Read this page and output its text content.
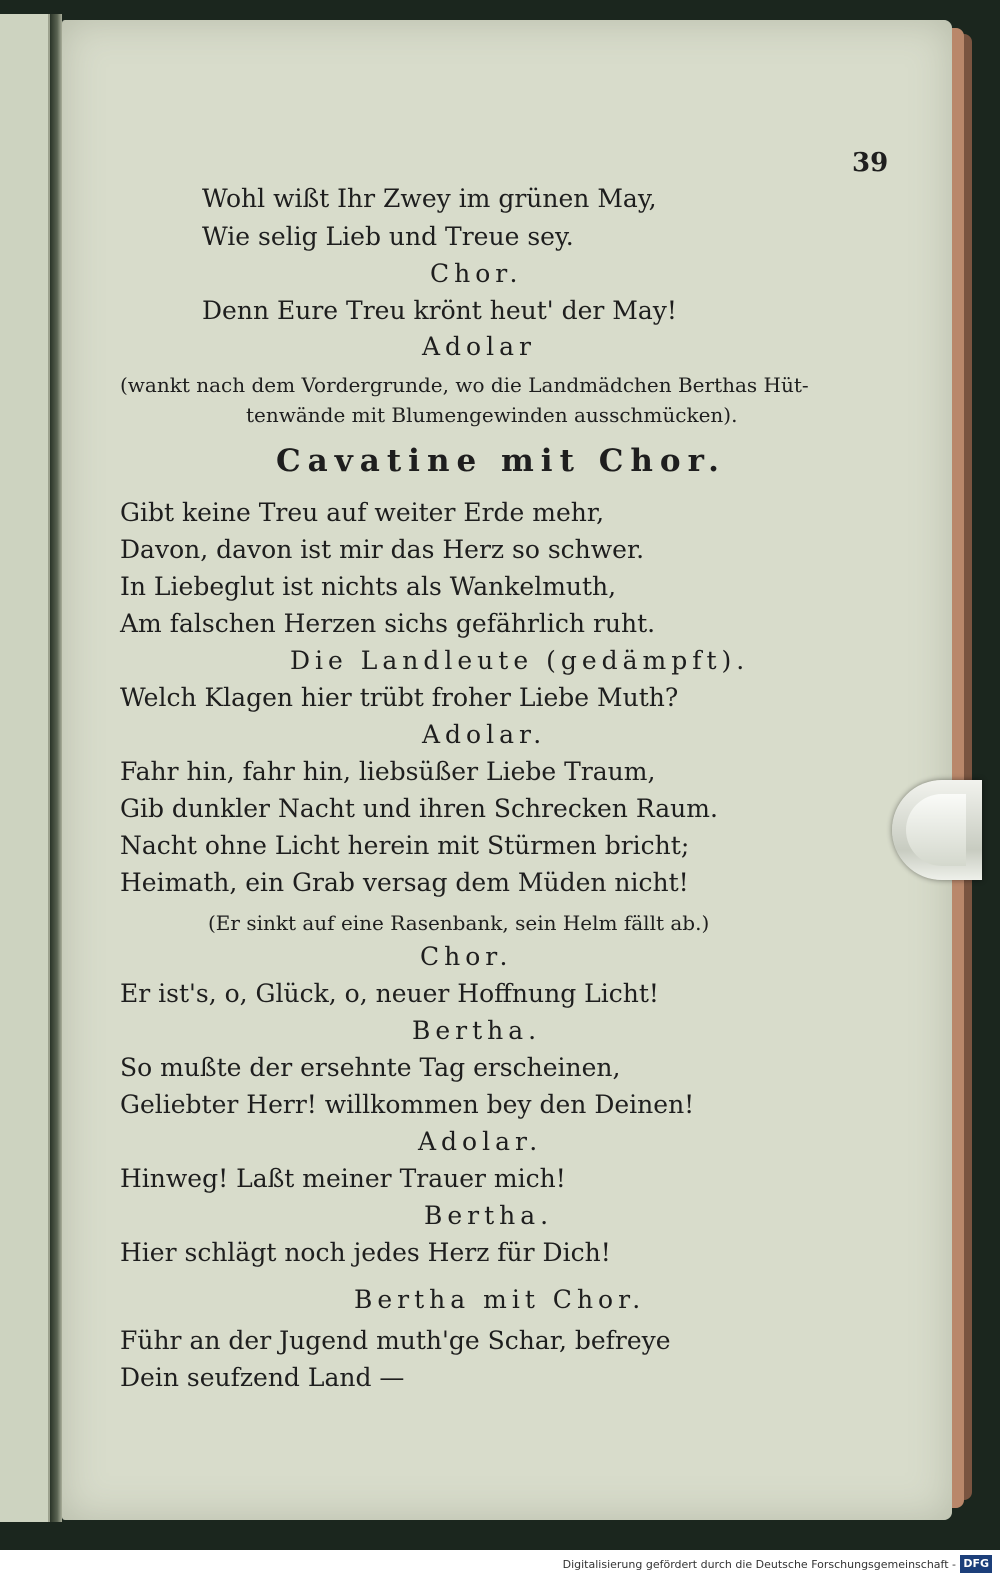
39
Wohl wißt Ihr Zwey im grünen May,
Wie selig Lieb und Treue sey.
Chor.
Denn Eure Treu krönt heut' der May!
Adolar
(wankt nach dem Vordergrunde, wo die Landmädchen Berthas Hüt-
tenwände mit Blumengewinden ausschmücken).
Cavatine mit Chor.
Gibt keine Treu auf weiter Erde mehr,
Davon, davon ist mir das Herz so schwer.
In Liebeglut ist nichts als Wankelmuth,
Am falschen Herzen sichs gefährlich ruht.
Die Landleute (gedämpft).
Welch Klagen hier trübt froher Liebe Muth?
Adolar.
Fahr hin, fahr hin, liebsüßer Liebe Traum,
Gib dunkler Nacht und ihren Schrecken Raum.
Nacht ohne Licht herein mit Stürmen bricht;
Heimath, ein Grab versag dem Müden nicht!
(Er sinkt auf eine Rasenbank, sein Helm fällt ab.)
Chor.
Er ist's, o, Glück, o, neuer Hoffnung Licht!
Bertha.
So mußte der ersehnte Tag erscheinen,
Geliebter Herr! willkommen bey den Deinen!
Adolar.
Hinweg! Laßt meiner Trauer mich!
Bertha.
Hier schlägt noch jedes Herz für Dich!
Bertha mit Chor.
Führ an der Jugend muth'ge Schar, befreye
Dein seufzend Land —
Digitalisierung gefördert durch die Deutsche Forschungsgemeinschaft - DFG
